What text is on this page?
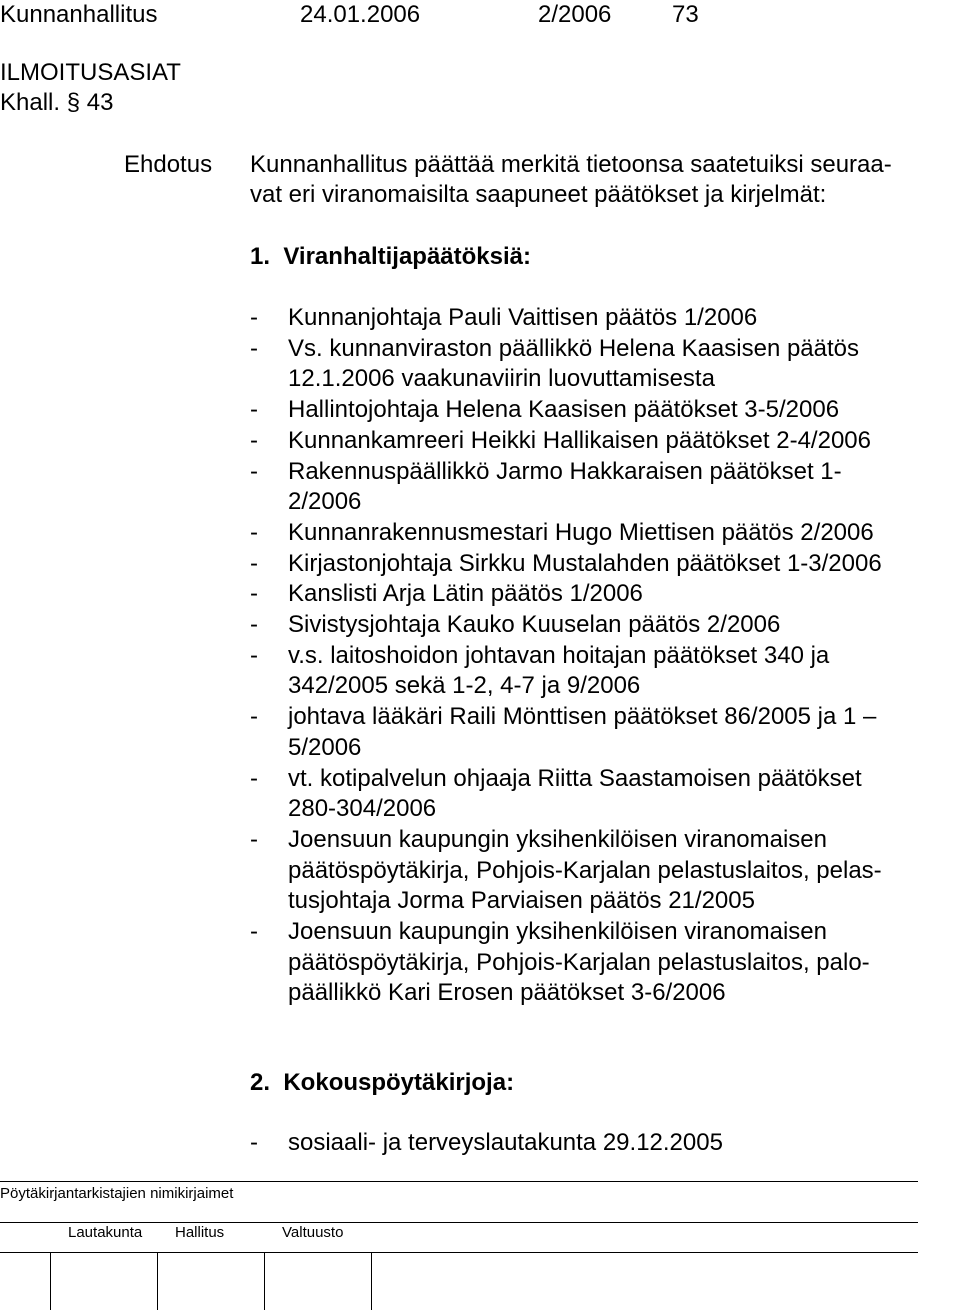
Kunnanhallitus	24.01.2006	2/2006	73
ILMOITUSASIAT
Khall. § 43
Ehdotus Kunnanhallitus päättää merkitä tietoonsa saatetuiksi seuraa-
vat eri viranomaisilta saapuneet päätökset ja kirjelmät:
1.  Viranhaltijapäätöksiä:
- Kunnanjohtaja Pauli Vaittisen päätös 1/2006
- Vs. kunnanviraston päällikkö Helena Kaasisen päätös
12.1.2006 vaakunaviirin luovuttamisesta
- Hallintojohtaja Helena Kaasisen päätökset 3-5/2006
- Kunnankamreeri Heikki Hallikaisen päätökset 2-4/2006
- Rakennuspäällikkö Jarmo Hakkaraisen päätökset 1-
2/2006
- Kunnanrakennusmestari Hugo Miettisen päätös 2/2006
- Kirjastonjohtaja Sirkku Mustalahden päätökset 1-3/2006
- Kanslisti Arja Lätin päätös 1/2006
- Sivistysjohtaja Kauko Kuuselan päätös 2/2006
- v.s. laitoshoidon johtavan hoitajan päätökset 340 ja
342/2005 sekä 1-2, 4-7 ja 9/2006
- johtava lääkäri Raili Mönttisen päätökset 86/2005 ja 1 –
5/2006
- vt. kotipalvelun ohjaaja Riitta Saastamoisen päätökset
280-304/2006
- Joensuun kaupungin yksihenkilöisen viranomaisen
päätöspöytäkirja, Pohjois-Karjalan pelastuslaitos, pelas-
tusjohtaja Jorma Parviaisen päätös 21/2005
- Joensuun kaupungin yksihenkilöisen viranomaisen
päätöspöytäkirja, Pohjois-Karjalan pelastuslaitos, palo-
päällikkö Kari Erosen päätökset 3-6/2006
2.  Kokouspöytäkirjoja:
- sosiaali- ja terveyslautakunta 29.12.2005
Pöytäkirjantarkistajien nimikirjaimet
Lautakunta Hallitus	Valtuusto
